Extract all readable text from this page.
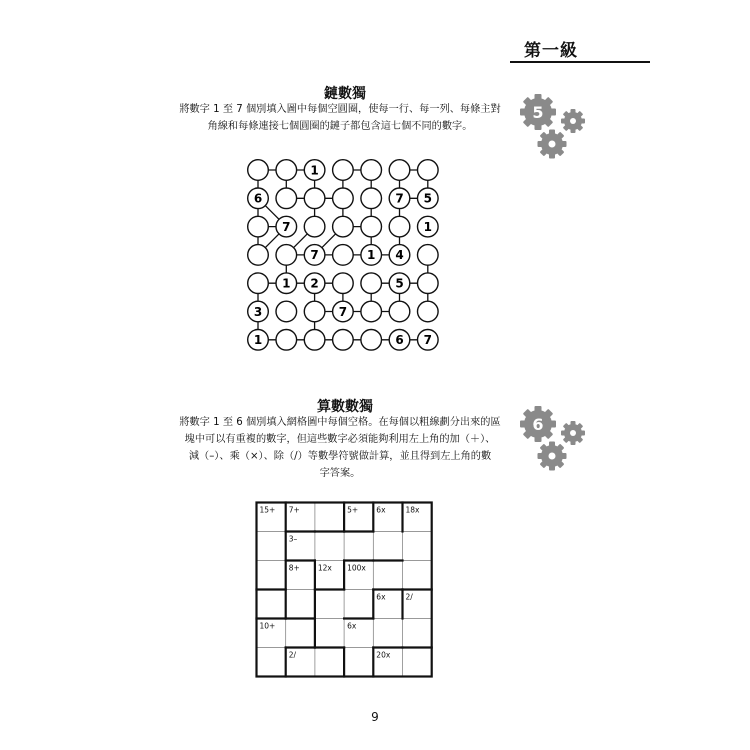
第一級
鏈數獨
將數字 1 至 7 個別填入圖中每個空圓圈，使每一行、每一列、每條主對
角線和每條連接七個圓圈的鏈子都包含這七個不同的數字。
5
1
6	7 5
7	1
7	1 4
1 2	5
3	7
1	6 7
算數數獨
將數字 1 至 6 個別填入網格圖中每個空格。在每個以粗線劃分出來的區
塊中可以有重複的數字，但這些數字必須能夠利用左上角的加（＋）、
減（–）、乘（×）、除（/）等數學符號做計算，並且得到左上角的數
字答案。
6
15+ 7+	5+ 6x	18x
3–
8+ 12x 100x
6x	2/
10+	6x
2/	20x
9
